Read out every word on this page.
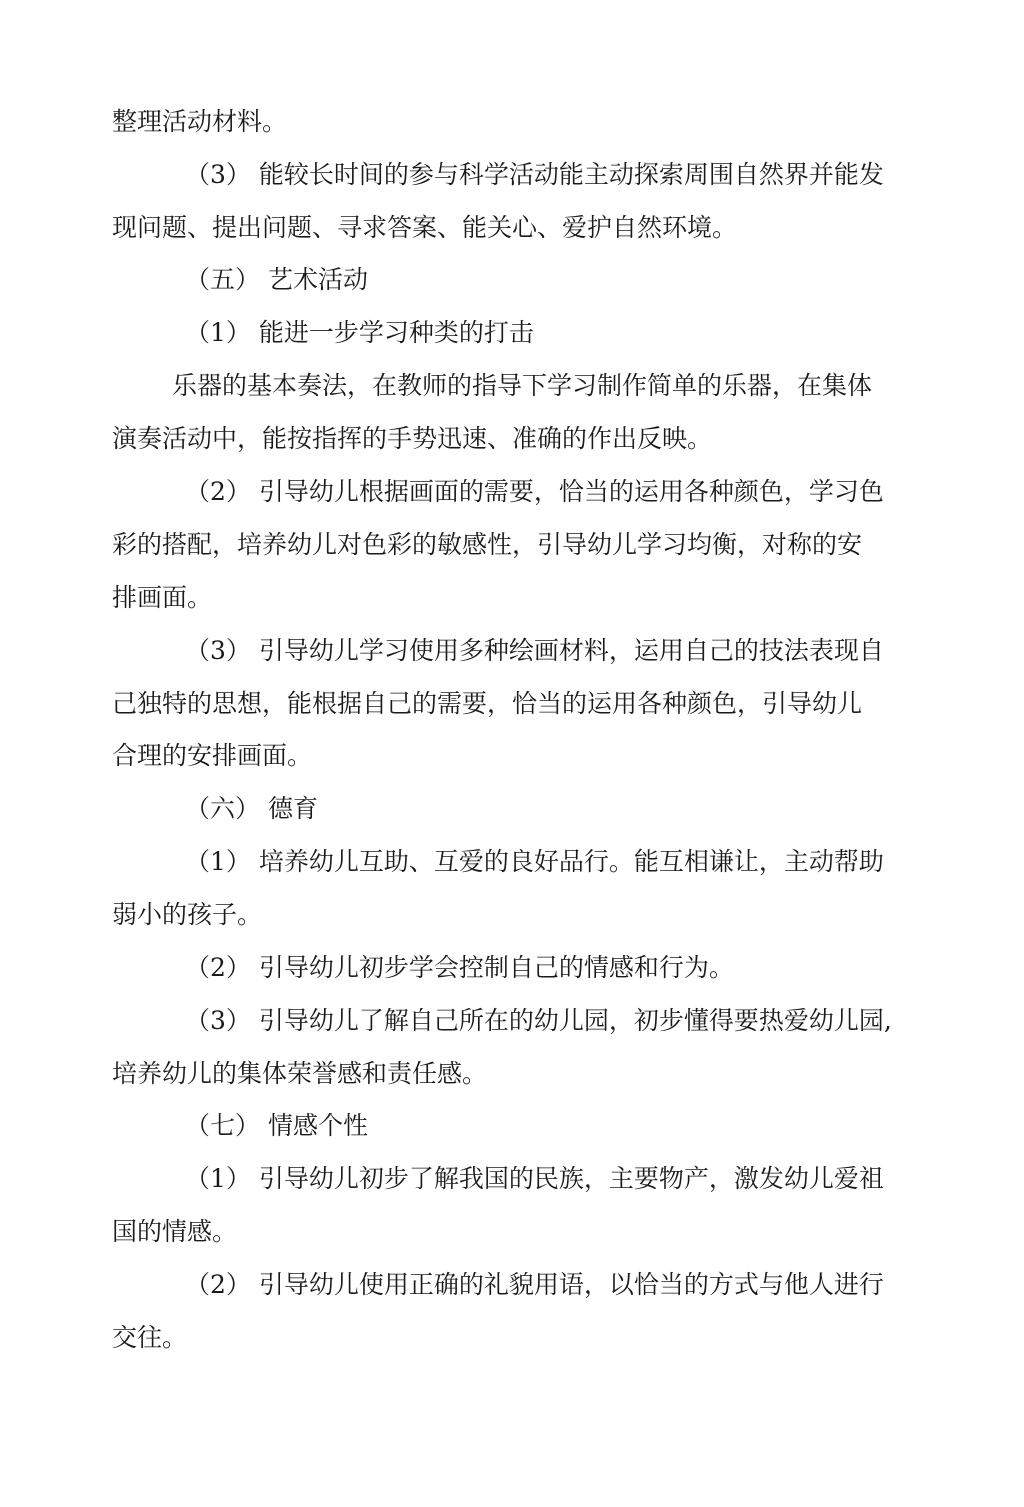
整理活动材料。
（3） 能较长时间的参与科学活动能主动探索周围自然界并能发
现问题、提出问题、寻求答案、能关心、爱护自然环境。
（五） 艺术活动
（1） 能进一步学习种类的打击
乐器的基本奏法，在教师的指导下学习制作简单的乐器，在集体
演奏活动中，能按指挥的手势迅速、准确的作出反映。
（2） 引导幼儿根据画面的需要，恰当的运用各种颜色，学习色
彩的搭配，培养幼儿对色彩的敏感性，引导幼儿学习均衡，对称的安
排画面。
（3） 引导幼儿学习使用多种绘画材料，运用自己的技法表现自
己独特的思想，能根据自己的需要，恰当的运用各种颜色，引导幼儿
合理的安排画面。
（六） 德育
（1） 培养幼儿互助、互爱的良好品行。能互相谦让，主动帮助
弱小的孩子。
（2） 引导幼儿初步学会控制自己的情感和行为。
（3） 引导幼儿了解自己所在的幼儿园，初步懂得要热爱幼儿园,
培养幼儿的集体荣誉感和责任感。
（七） 情感个性
（1） 引导幼儿初步了解我国的民族，主要物产，激发幼儿爱祖
国的情感。
（2） 引导幼儿使用正确的礼貌用语，以恰当的方式与他人进行
交往。
